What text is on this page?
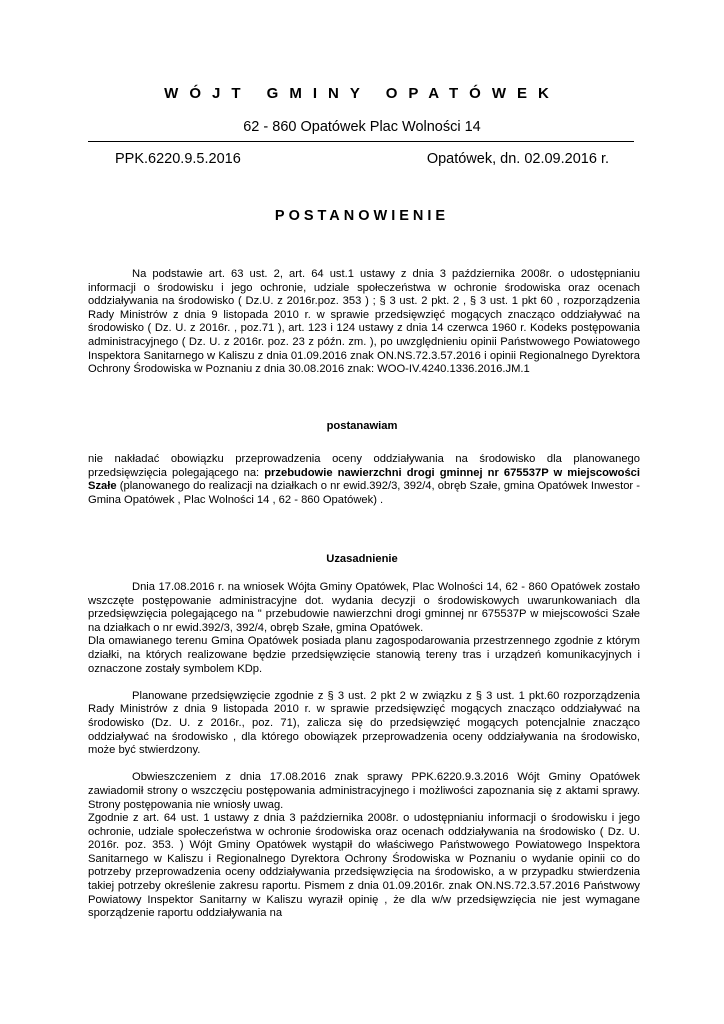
WÓJT GMINY OPATÓWEK
62 - 860 Opatówek Plac Wolności 14
PPK.6220.9.5.2016	Opatówek, dn. 02.09.2016 r.
POSTANOWIENIE

Na podstawie art. 63 ust. 2, art. 64 ust.1 ustawy z dnia 3 października 2008r. o udostępnianiu informacji o środowisku i jego ochronie, udziale społeczeństwa w ochronie środowiska oraz ocenach oddziaływania na środowisko ( Dz.U. z 2016r.poz. 353 ) ; § 3 ust. 2 pkt. 2 , § 3 ust. 1 pkt 60 , rozporządzenia Rady Ministrów z dnia 9 listopada 2010 r. w sprawie przedsięwzięć mogących znacząco oddziaływać na środowisko ( Dz. U. z 2016r. , poz.71 ), art. 123 i 124 ustawy z dnia 14 czerwca 1960 r. Kodeks postępowania administracyjnego ( Dz. U. z 2016r. poz. 23 z późn. zm. ), po uwzględnieniu opinii Państwowego Powiatowego Inspektora Sanitarnego w Kaliszu z dnia 01.09.2016 znak ON.NS.72.3.57.2016 i opinii Regionalnego Dyrektora Ochrony Środowiska w Poznaniu z dnia 30.08.2016 znak: WOO-IV.4240.1336.2016.JM.1

postanawiam

nie nakładać obowiązku przeprowadzenia oceny oddziaływania na środowisko dla planowanego przedsięwzięcia polegającego na: przebudowie nawierzchni drogi gminnej nr 675537P w miejscowości Szałe (planowanego do realizacji na działkach o nr ewid.392/3, 392/4, obręb Szałe, gmina Opatówek Inwestor - Gmina Opatówek , Plac Wolności 14 , 62 - 860 Opatówek) .

Uzasadnienie

Dnia 17.08.2016 r. na wniosek Wójta Gminy Opatówek, Plac Wolności 14, 62 - 860 Opatówek zostało wszczęte postępowanie administracyjne dot. wydania decyzji o środowiskowych uwarunkowaniach dla przedsięwzięcia polegającego na " przebudowie nawierzchni drogi gminnej nr 675537P w miejscowości Szałe na działkach o nr ewid.392/3, 392/4, obręb Szałe, gmina Opatówek.

Dla omawianego terenu Gmina Opatówek posiada planu zagospodarowania przestrzennego zgodnie z którym działki, na których realizowane będzie przedsięwzięcie stanowią tereny tras i urządzeń komunikacyjnych i oznaczone zostały symbolem KDp.

Planowane przedsięwzięcie zgodnie z § 3 ust. 2 pkt 2 w związku z § 3 ust. 1 pkt.60 rozporządzenia Rady Ministrów z dnia 9 listopada 2010 r. w sprawie przedsięwzięć mogących znacząco oddziaływać na środowisko (Dz. U. z 2016r., poz. 71), zalicza się do przedsięwzięć mogących potencjalnie znacząco oddziaływać na środowisko , dla którego obowiązek przeprowadzenia oceny oddziaływania na środowisko, może być stwierdzony.

Obwieszczeniem z dnia 17.08.2016 znak sprawy PPK.6220.9.3.2016 Wójt Gminy Opatówek zawiadomił strony o wszczęciu postępowania administracyjnego i możliwości zapoznania się z aktami sprawy. Strony postępowania nie wniosły uwag.

Zgodnie z art. 64 ust. 1 ustawy z dnia 3 października 2008r. o udostępnianiu informacji o środowisku i jego ochronie, udziale społeczeństwa w ochronie środowiska oraz ocenach oddziaływania na środowisko ( Dz. U. 2016r. poz. 353. ) Wójt Gminy Opatówek wystąpił do właściwego Państwowego Powiatowego Inspektora Sanitarnego w Kaliszu i Regionalnego Dyrektora Ochrony Środowiska w Poznaniu o wydanie opinii co do potrzeby przeprowadzenia oceny oddziaływania przedsięwzięcia na środowisko, a w przypadku stwierdzenia takiej potrzeby określenie zakresu raportu. Pismem z dnia 01.09.2016r. znak ON.NS.72.3.57.2016 Państwowy Powiatowy Inspektor Sanitarny w Kaliszu wyraził opinię , że dla w/w przedsięwzięcia nie jest wymagane sporządzenie raportu oddziaływania na
